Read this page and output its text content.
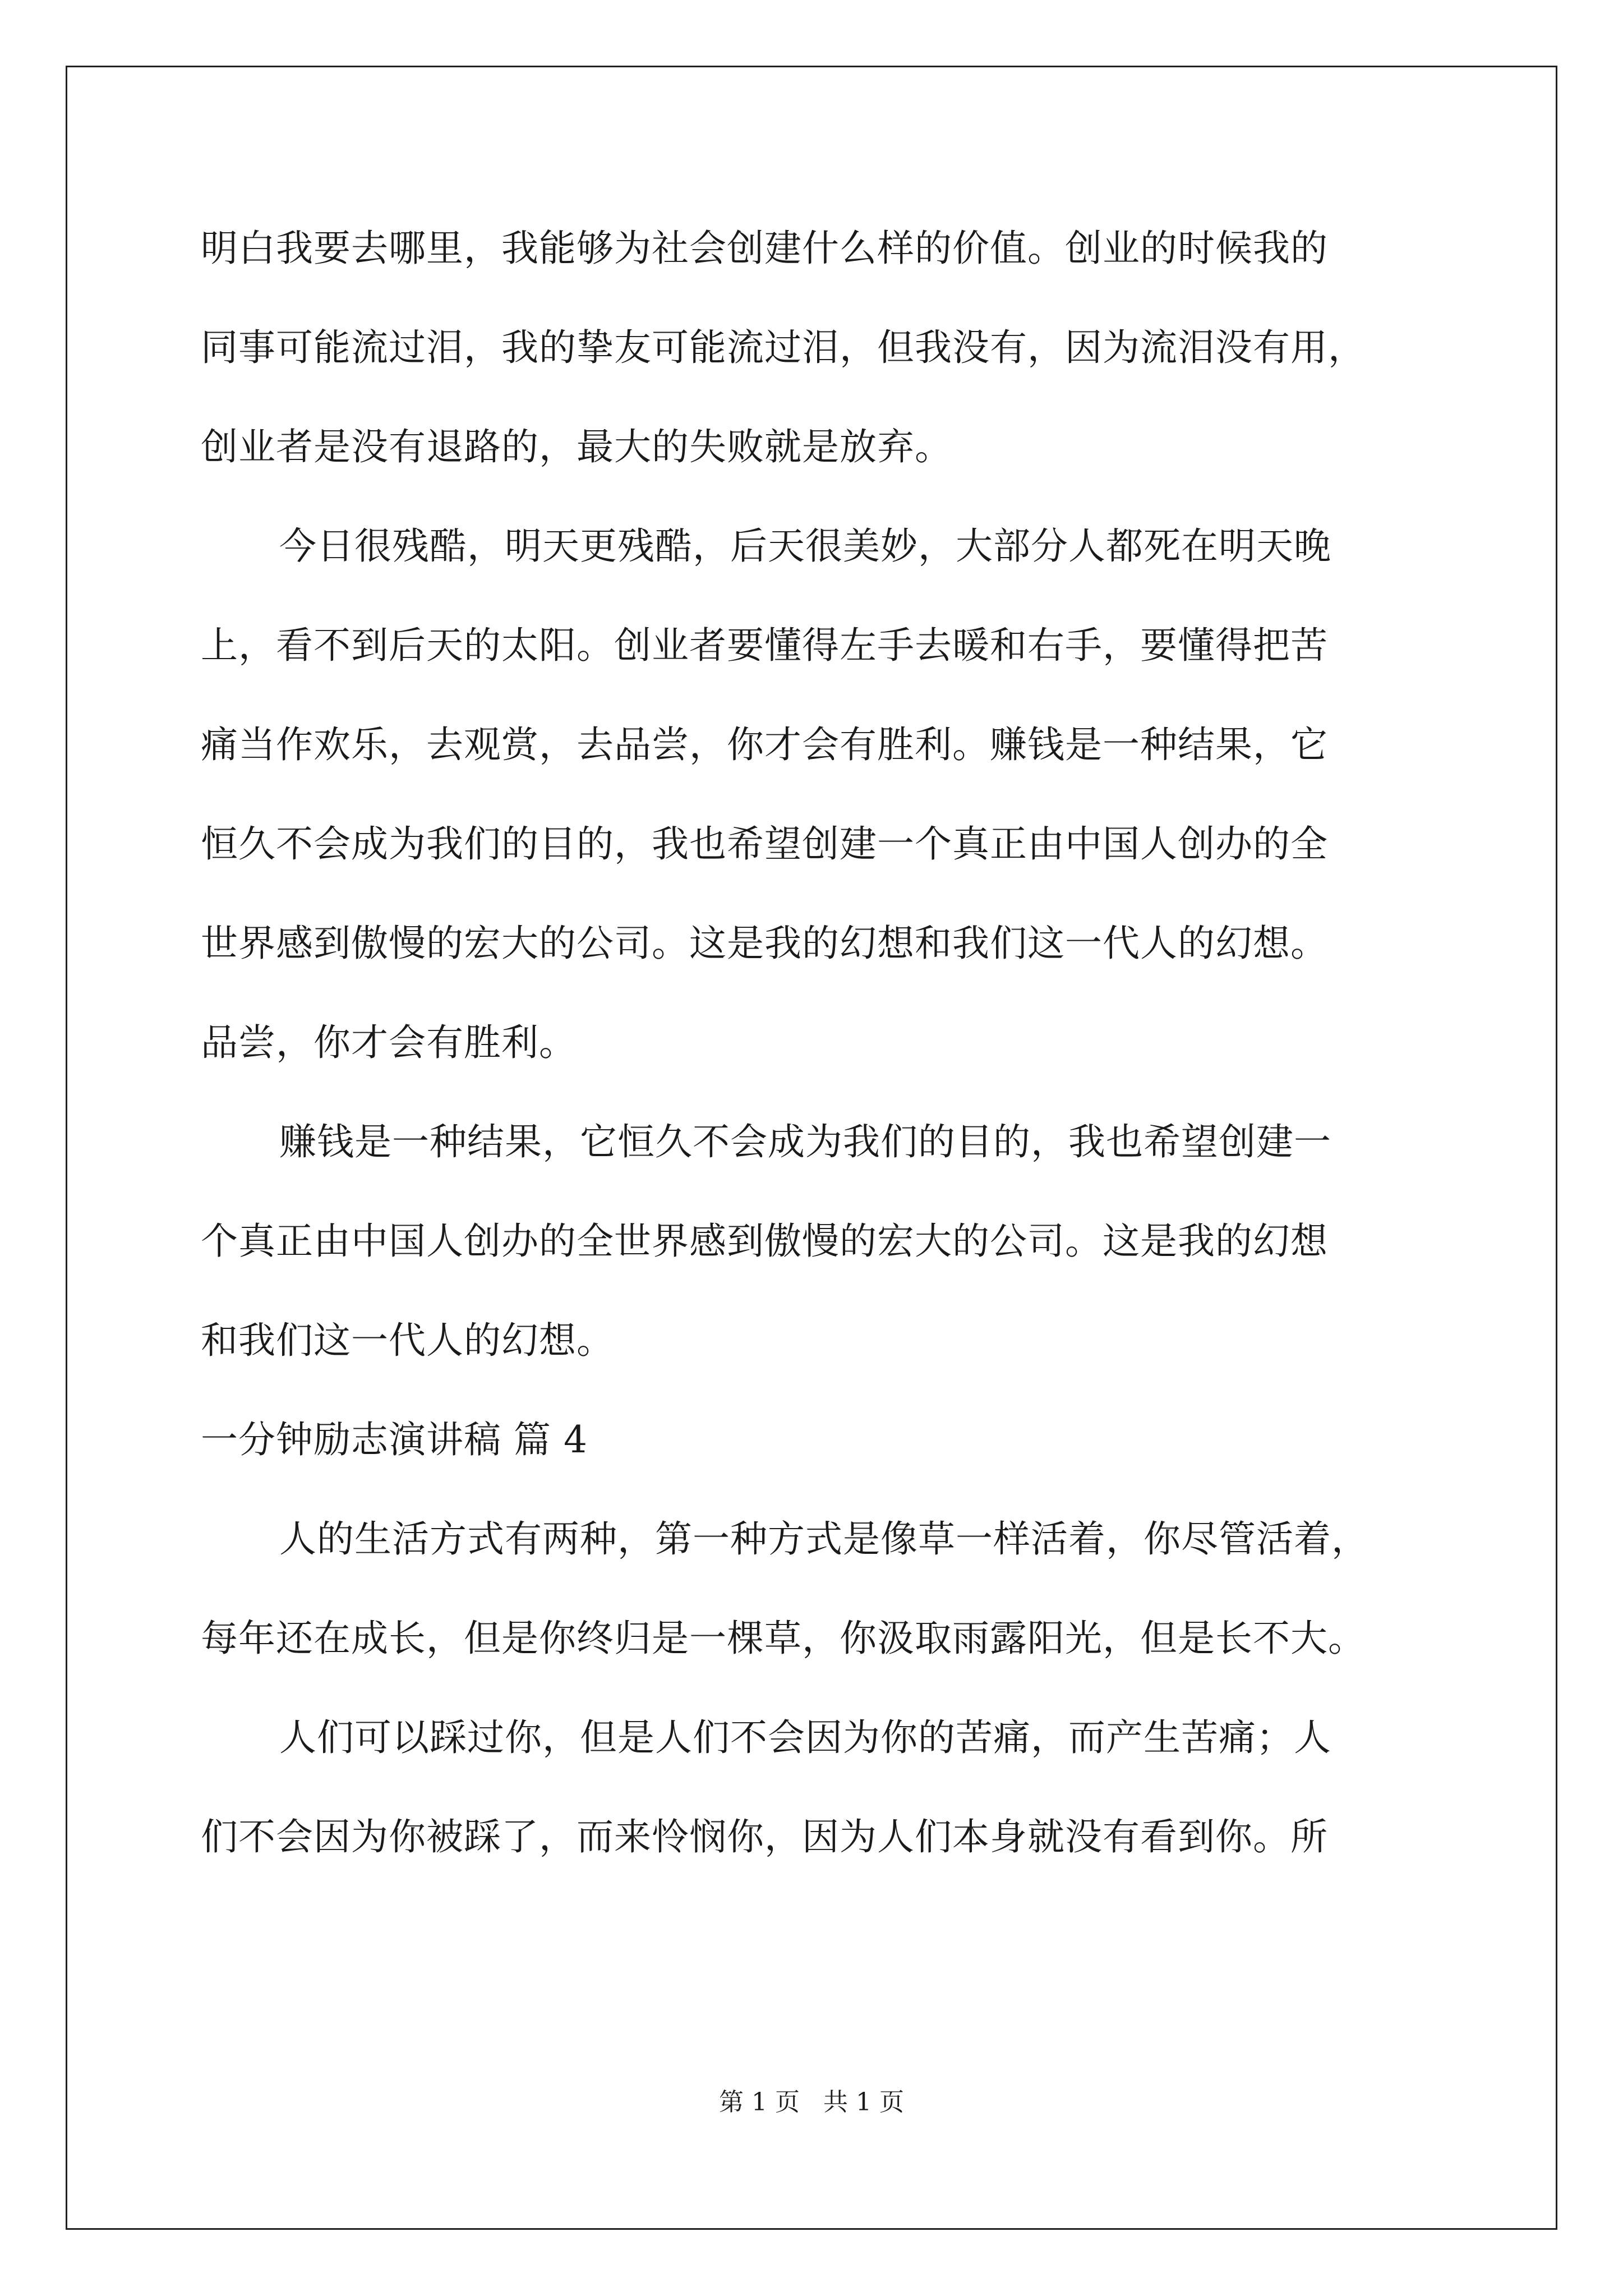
明白我要去哪里，我能够为社会创建什么样的价值。创业的时候我的
同事可能流过泪，我的挚友可能流过泪，但我没有，因为流泪没有用，
创业者是没有退路的，最大的失败就是放弃。
今日很残酷，明天更残酷，后天很美妙，大部分人都死在明天晚
上，看不到后天的太阳。创业者要懂得左手去暖和右手，要懂得把苦
痛当作欢乐，去观赏，去品尝，你才会有胜利。赚钱是一种结果，它
恒久不会成为我们的目的，我也希望创建一个真正由中国人创办的全
世界感到傲慢的宏大的公司。这是我的幻想和我们这一代人的幻想。
品尝，你才会有胜利。
赚钱是一种结果，它恒久不会成为我们的目的，我也希望创建一
个真正由中国人创办的全世界感到傲慢的宏大的公司。这是我的幻想
和我们这一代人的幻想。
一分钟励志演讲稿 篇 4
人的生活方式有两种，第一种方式是像草一样活着，你尽管活着，
每年还在成长，但是你终归是一棵草，你汲取雨露阳光，但是长不大。
人们可以踩过你，但是人们不会因为你的苦痛，而产生苦痛；人
们不会因为你被踩了，而来怜悯你，因为人们本身就没有看到你。所
第 1 页   共 1 页
